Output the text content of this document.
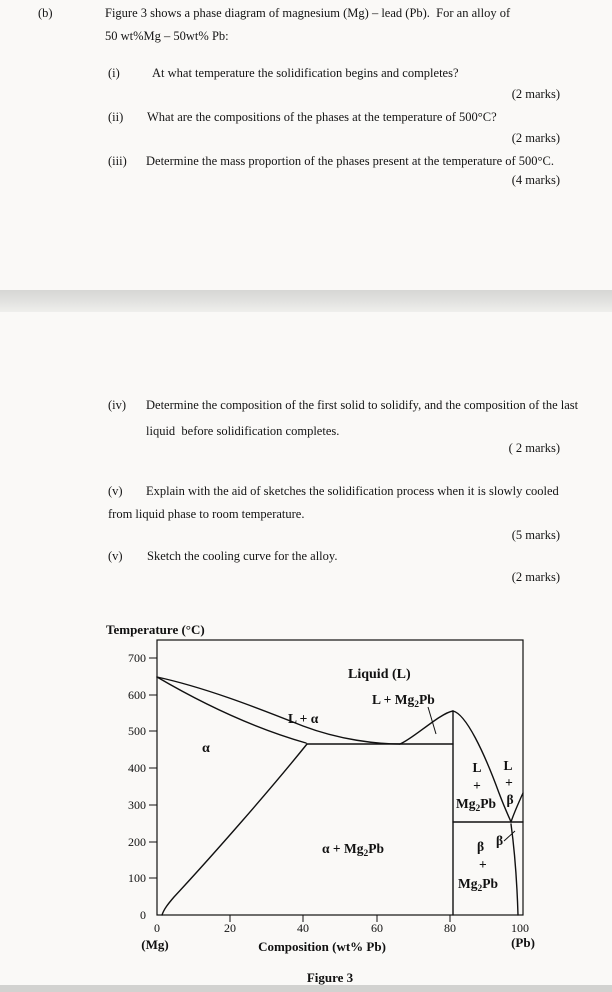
(b)	Figure 3 shows a phase diagram of magnesium (Mg) – lead (Pb).  For an alloy of
50 wt%Mg – 50wt% Pb:
(i)	At what temperature the solidification begins and completes?
(2 marks)
(ii) What are the compositions of the phases at the temperature of 500°C?
(2 marks)
(iii) Determine the mass proportion of the phases present at the temperature of 500°C.
(4 marks)
(iv) Determine the composition of the first solid to solidify, and the composition of the last
liquid  before solidification completes.
( 2 marks)
(v) Explain with the aid of sketches the solidification process when it is slowly cooled
from liquid phase to room temperature.
(5 marks)
(v) Sketch the cooling curve for the alloy.
(2 marks)
Temperature (°C)
Composition (wt% Pb)
(Mg)	(Pb)
Figure 3
700
600
500
400
300
200
100
0
0	20	40	60	80	100
Liquid (L)
$L + Mg_2Pb$
L + α
α
L
+
$Mg_2Pb$
L
+
β
$\alpha + Mg_2Pb$	β β
+
$Mg_2Pb$
